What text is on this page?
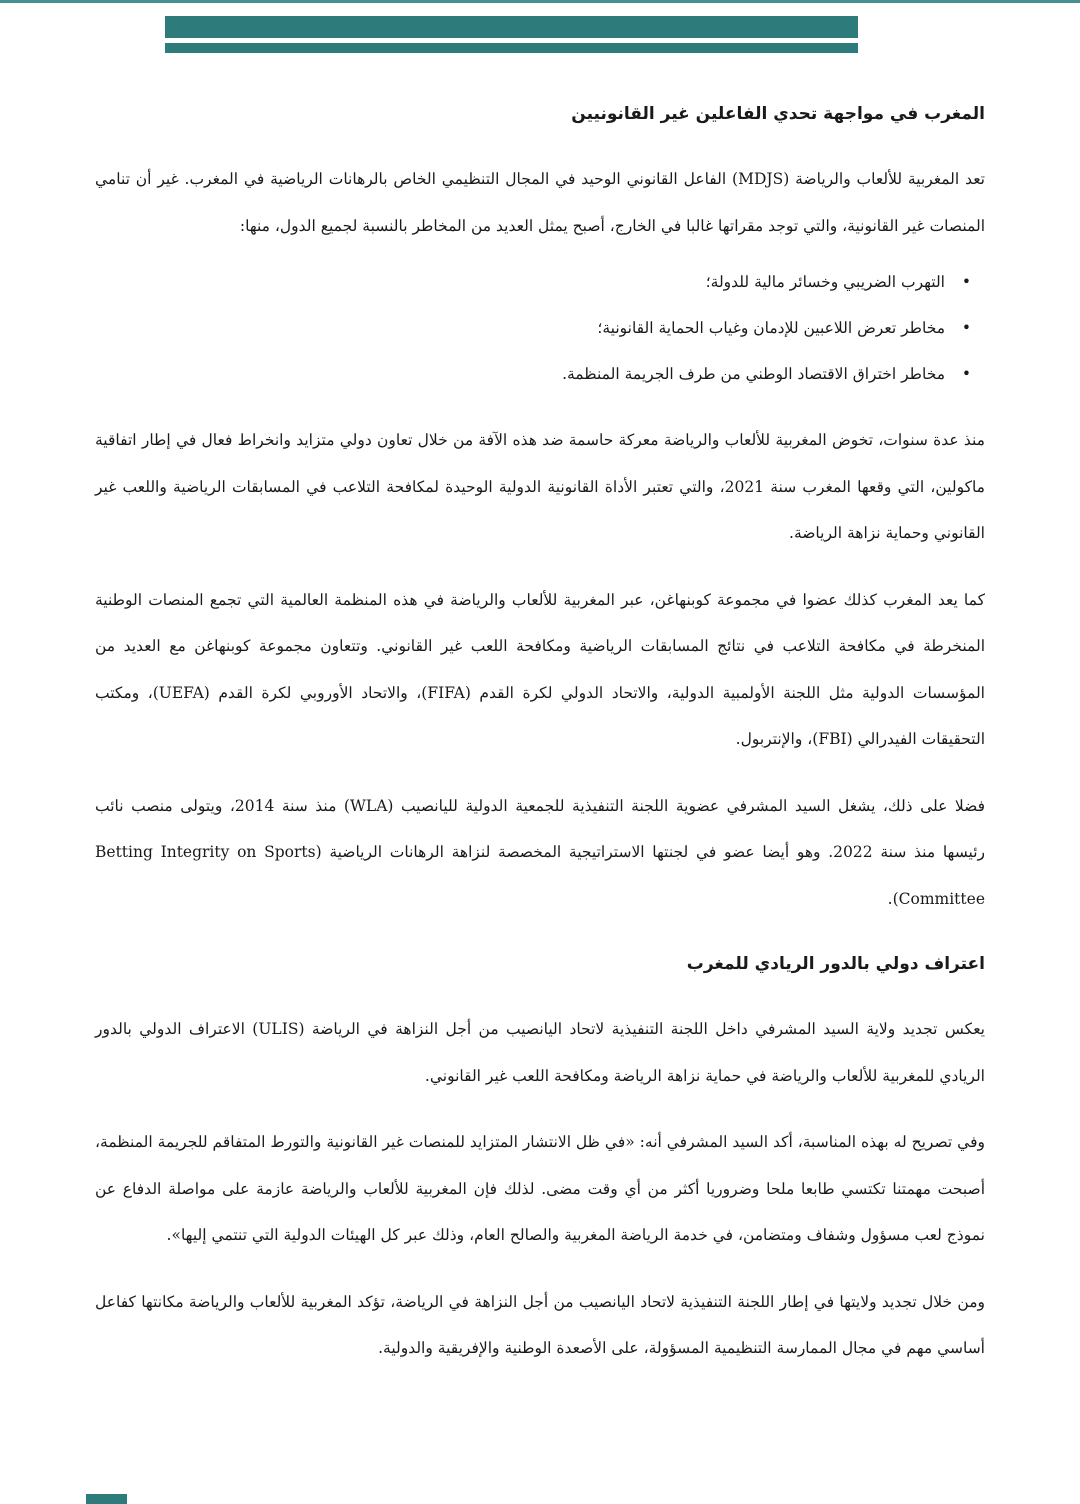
المغرب في مواجهة تحدي الفاعلين غير القانونيين

تعد المغربية للألعاب والرياضة (MDJS) الفاعل القانوني الوحيد في المجال التنظيمي الخاص بالرهانات الرياضية في المغرب. غير أن تنامي المنصات غير القانونية، والتي توجد مقراتها غالبا في الخارج، أصبح يمثل العديد من المخاطر بالنسبة لجميع الدول، منها:

•
التهرب الضريبي وخسائر مالية للدولة؛
•
مخاطر تعرض اللاعبين للإدمان وغياب الحماية القانونية؛
•
مخاطر اختراق الاقتصاد الوطني من طرف الجريمة المنظمة.

منذ عدة سنوات، تخوض المغربية للألعاب والرياضة معركة حاسمة ضد هذه الآفة من خلال تعاون دولي متزايد وانخراط فعال في إطار اتفاقية ماكولين، التي وقعها المغرب سنة 2021، والتي تعتبر الأداة القانونية الدولية الوحيدة لمكافحة التلاعب في المسابقات الرياضية واللعب غير القانوني وحماية نزاهة الرياضة.

كما يعد المغرب كذلك عضوا في مجموعة كوبنهاغن، عبر المغربية للألعاب والرياضة في هذه المنظمة العالمية التي تجمع المنصات الوطنية المنخرطة في مكافحة التلاعب في نتائج المسابقات الرياضية ومكافحة اللعب غير القانوني. وتتعاون مجموعة كوبنهاغن مع العديد من المؤسسات الدولية مثل اللجنة الأولمبية الدولية، والاتحاد الدولي لكرة القدم (FIFA)، والاتحاد الأوروبي لكرة القدم (UEFA)، ومكتب التحقيقات الفيدرالي (FBI)، والإنتربول.

فضلا على ذلك، يشغل السيد المشرفي عضوية اللجنة التنفيذية للجمعية الدولية لليانصيب (WLA) منذ سنة 2014، ويتولى منصب نائب رئيسها منذ سنة 2022. وهو أيضا عضو في لجنتها الاستراتيجية المخصصة لنزاهة الرهانات الرياضية (Betting Integrity on Sports Committee).

اعتراف دولي بالدور الريادي للمغرب

يعكس تجديد ولاية السيد المشرفي داخل اللجنة التنفيذية لاتحاد اليانصيب من أجل النزاهة في الرياضة (ULIS) الاعتراف الدولي بالدور الريادي للمغربية للألعاب والرياضة في حماية نزاهة الرياضة ومكافحة اللعب غير القانوني.

وفي تصريح له بهذه المناسبة، أكد السيد المشرفي أنه: «في ظل الانتشار المتزايد للمنصات غير القانونية والتورط المتفاقم للجريمة المنظمة، أصبحت مهمتنا تكتسي طابعا ملحا وضروريا أكثر من أي وقت مضى. لذلك فإن المغربية للألعاب والرياضة عازمة على مواصلة الدفاع عن نموذج لعب مسؤول وشفاف ومتضامن، في خدمة الرياضة المغربية والصالح العام، وذلك عبر كل الهيئات الدولية التي تنتمي إليها».

ومن خلال تجديد ولايتها في إطار اللجنة التنفيذية لاتحاد اليانصيب من أجل النزاهة في الرياضة، تؤكد المغربية للألعاب والرياضة مكانتها كفاعل أساسي مهم في مجال الممارسة التنظيمية المسؤولة، على الأصعدة الوطنية والإفريقية والدولية.
